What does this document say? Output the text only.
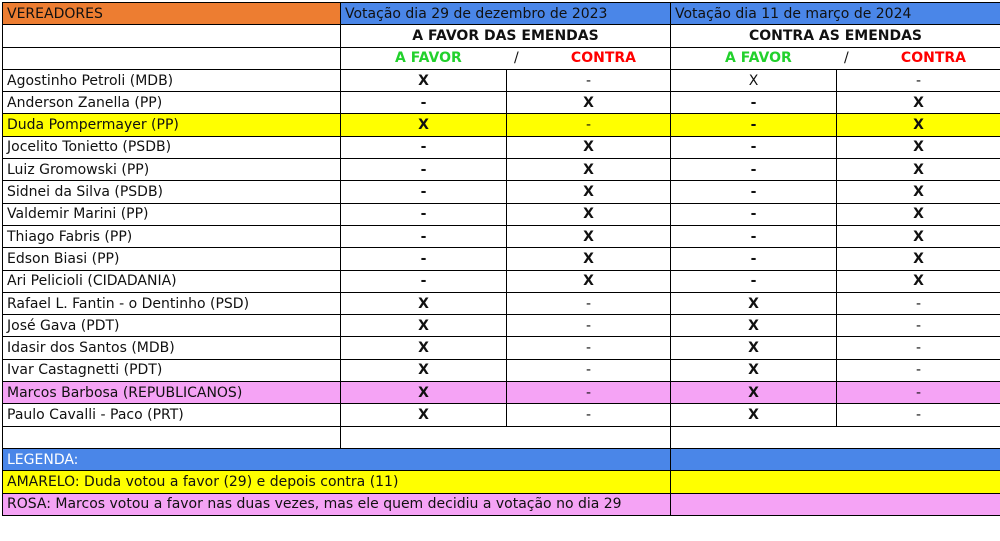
VEREADORES	Votação dia 29 de dezembro de 2023		Votação dia 11 de março de 2024	
	A FAVOR DAS EMENDAS		CONTRA AS EMENDAS	

	A FAVOR / CONTRA		A FAVOR / CONTRA	

Agostinho Petroli (MDB)	X	-	X	-
Anderson Zanella (PP)	-	X	-	X
Duda Pompermayer (PP)	X	-	-	X
Jocelito Tonietto (PSDB)	-	X	-	X
Luiz Gromowski (PP)	-	X	-	X
Sidnei da Silva (PSDB)	-	X	-	X
Valdemir Marini (PP)	-	X	-	X
Thiago Fabris (PP)	-	X	-	X
Edson Biasi (PP)	-	X	-	X
Ari Pelicioli (CIDADANIA)	-	X	-	X
Rafael L. Fantin - o Dentinho (PSD)	X	-	X	-
José Gava (PDT)	X	-	X	-
Idasir dos Santos (MDB)	X	-	X	-
Ivar Castagnetti (PDT)	X	-	X	-
Marcos Barbosa (REPUBLICANOS)	X	-	X	-
Paulo Cavalli - Paco (PRT)	X	-	X	-

LEGENDA:				
AMARELO: Duda votou a favor (29) e depois contra (11)				
ROSA: Marcos votou a favor nas duas vezes, mas ele quem decidiu a votação no dia 29				
